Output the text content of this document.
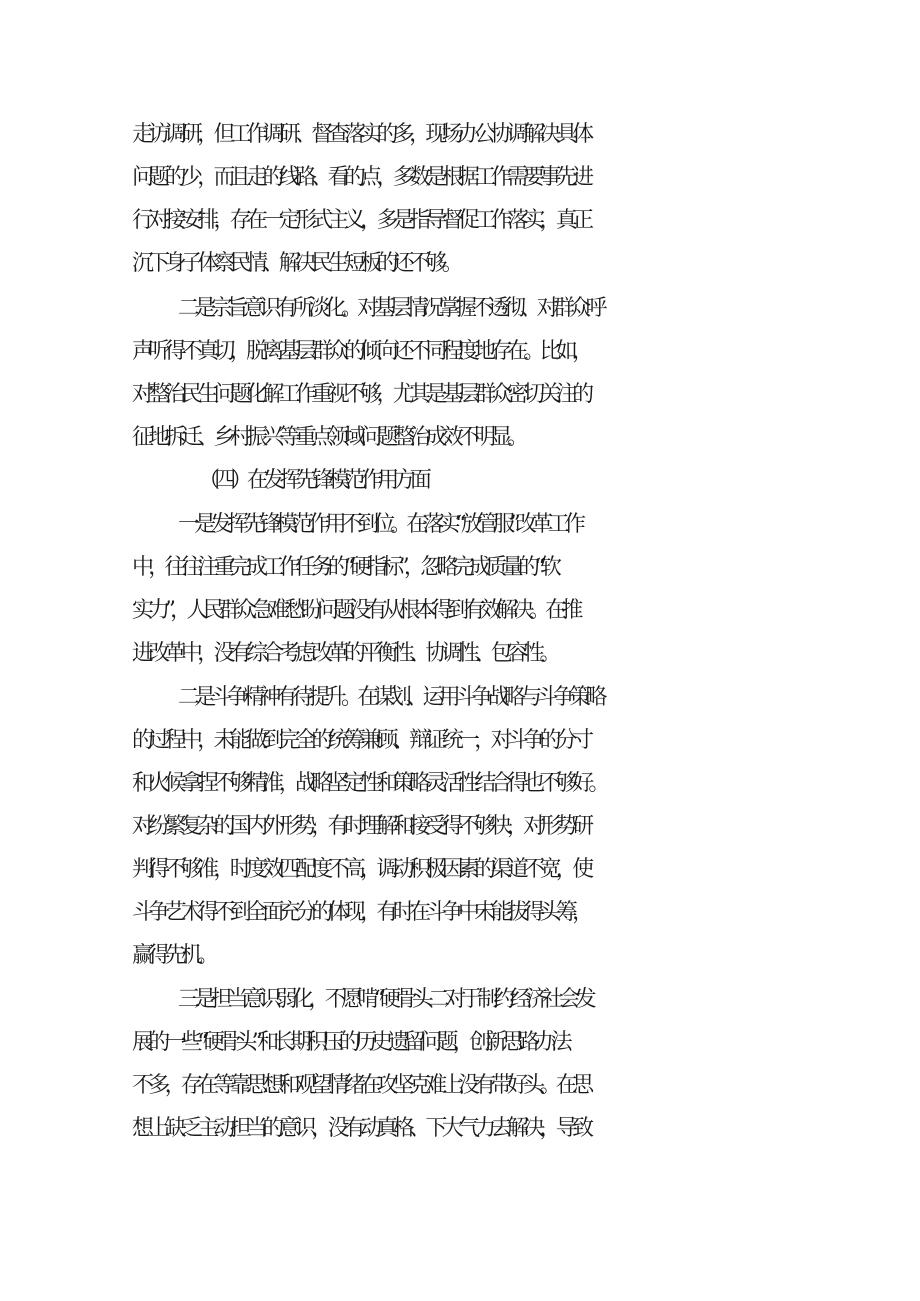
走访调研，但工作调研、督查落实的多，现场办公协调解决具体
问题的少，而且走的线路、看的点，多数是根据工作需要事先进
行对接安排，存在一定形式主义，多是指导督促工作落实，真正
沉下身子体察民情、解决民生短板的还不够。
二是宗旨意识有所淡化。对基层情况掌握不透彻、对群众呼
声听得不真切，脱离基层群众的倾向还不同程度地存在。比如，
对整治民生问题化解工作重视不够，尤其是基层群众密切关注的
征地拆迁、乡村振兴等重点领域问题整治成效不明显。
（四）在发挥先锋模范作用方面
一是发挥先锋模范作用不到位。在落实“放管服”改革工作
中，往往注重完成工作任务的“硬指标”，忽略完成质量的“软
实力”，人民群众急难愁盼问题没有从根本得到有效解决。在推
进改革中，没有综合考虑改革的平衡性、协调性、包容性。
二是斗争精神有待提升。在谋划、运用斗争战略与斗争策略
的过程中，未能做到完全的统筹兼顾、辩证统一，对斗争的分寸
和火候拿捏不够精准，战略坚定性和策略灵活性结合得也不够好。
对纷繁复杂的国内外形势，有时理解和接受得不够快，对形势研
判得不够准，时度效匹配度不高，调动积极因素的渠道不宽，使
斗争艺术得不到全面充分的体现，有时在斗争中未能拔得头筹，
赢得先机。
三是担当意识弱化，不愿啃“硬骨头二对于制约经济社会发
展的一些“硬骨头”和长期积压的历史遗留问题，创新思路办法
不多，存在等靠思想和观望情绪在攻坚克难上没有带好头。在思
想上缺乏主动担当的意识，没有动真格、下大气力去解决，导致
